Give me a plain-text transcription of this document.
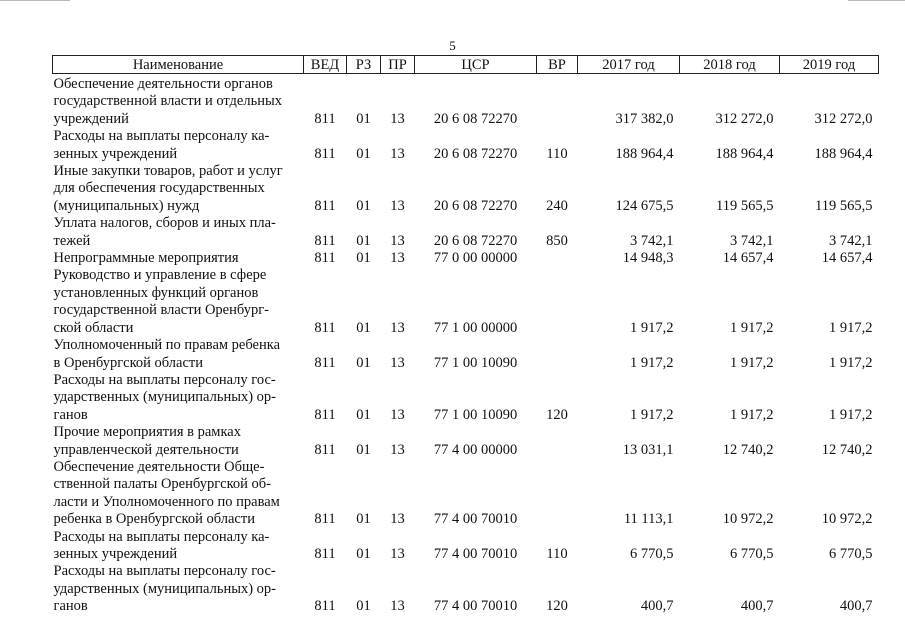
5
Наименование	ВЕД	РЗ	ПР	ЦСР	ВР	2017 год	2018 год	2019 год

Обеспечение деятельности органов
государственной власти и отдельных
учреждений	811	01	13	20 6 08 72270		317 382,0	312 272,0	312 272,0

Расходы на выплаты персоналу ка-
зенных учреждений	811	01	13	20 6 08 72270	110	188 964,4	188 964,4	188 964,4

Иные закупки товаров, работ и услуг
для обеспечения государственных
(муниципальных) нужд	811	01	13	20 6 08 72270	240	124 675,5	119 565,5	119 565,5

Уплата налогов, сборов и иных пла-
тежей	811	01	13	20 6 08 72270	850	3 742,1	3 742,1	3 742,1

Непрограммные мероприятия	811	01	13	77 0 00 00000		14 948,3	14 657,4	14 657,4

Руководство и управление в сфере
установленных функций органов
государственной власти Оренбург-
ской области	811	01	13	77 1 00 00000		1 917,2	1 917,2	1 917,2

Уполномоченный по правам ребенка
в Оренбургской области	811	01	13	77 1 00 10090		1 917,2	1 917,2	1 917,2

Расходы на выплаты персоналу гос-
ударственных (муниципальных) ор-
ганов	811	01	13	77 1 00 10090	120	1 917,2	1 917,2	1 917,2

Прочие мероприятия в рамках
управленческой деятельности	811	01	13	77 4 00 00000		13 031,1	12 740,2	12 740,2

Обеспечение деятельности Обще-
ственной палаты Оренбургской об-
ласти и Уполномоченного по правам
ребенка в Оренбургской области	811	01	13	77 4 00 70010		11 113,1	10 972,2	10 972,2

Расходы на выплаты персоналу ка-
зенных учреждений	811	01	13	77 4 00 70010	110	6 770,5	6 770,5	6 770,5

Расходы на выплаты персоналу гос-
ударственных (муниципальных) ор-
ганов	811	01	13	77 4 00 70010	120	400,7	400,7	400,7
